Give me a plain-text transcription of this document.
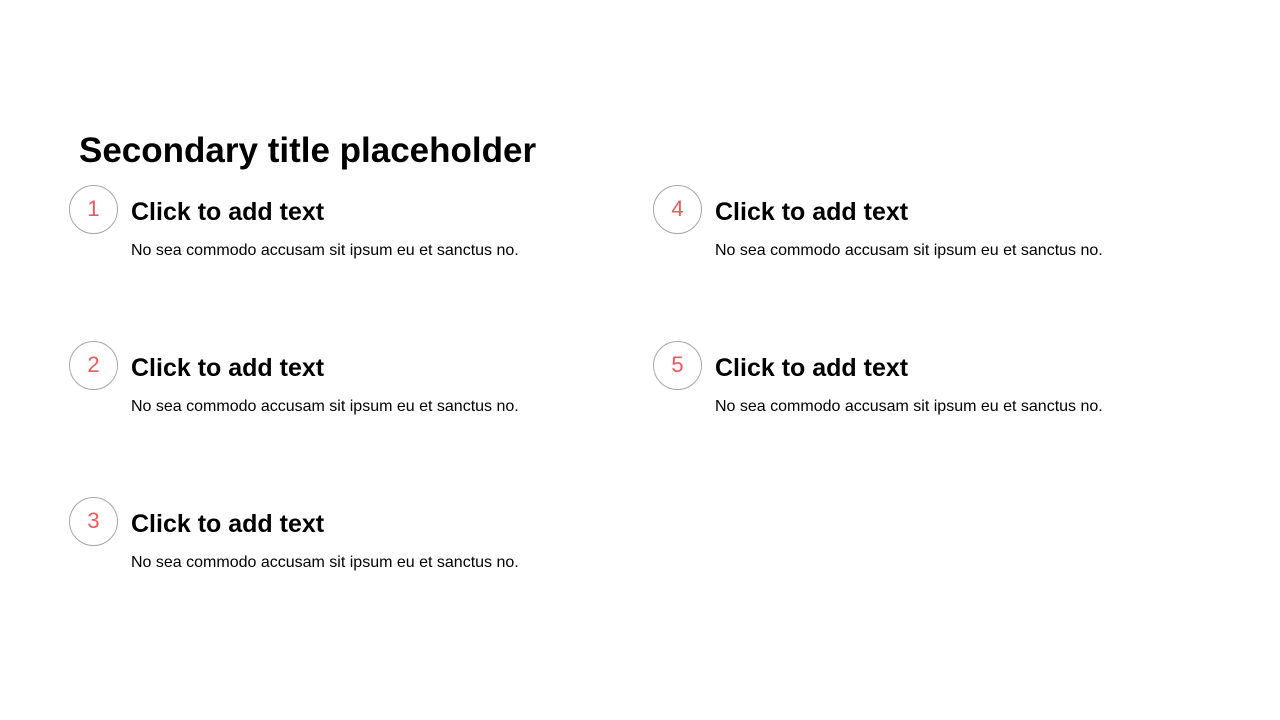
Secondary title placeholder
1 Click to add text
No sea commodo accusam sit ipsum eu et sanctus no.
2 Click to add text
No sea commodo accusam sit ipsum eu et sanctus no.
3 Click to add text
No sea commodo accusam sit ipsum eu et sanctus no.
4 Click to add text
No sea commodo accusam sit ipsum eu et sanctus no.
5 Click to add text
No sea commodo accusam sit ipsum eu et sanctus no.
